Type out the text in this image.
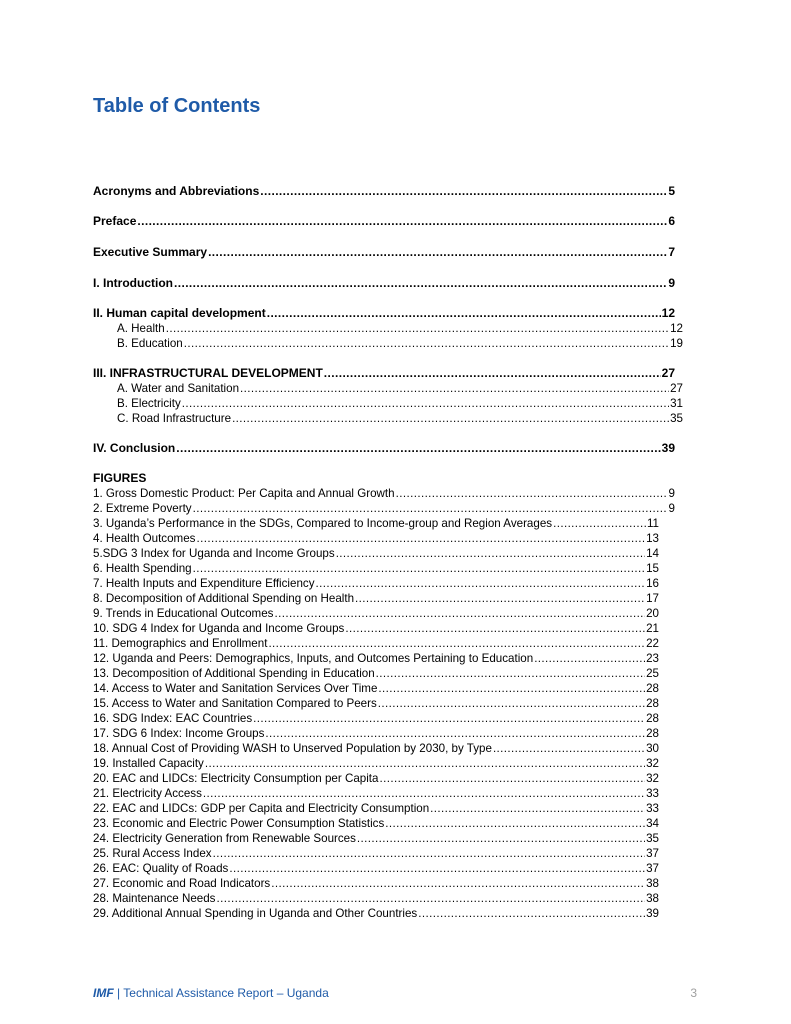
Table of Contents
Acronyms and Abbreviations .....	5
Preface .....	6
Executive Summary .....	7
I. Introduction .....	9
II. Human capital development .....	12
A. Health .....	12
B. Education .....	19
III. INFRASTRUCTURAL DEVELOPMENT .....	27
A. Water and Sanitation .....	27
B. Electricity .....	31
C. Road Infrastructure .....	35
IV. Conclusion .....	39
FIGURES
1. Gross Domestic Product: Per Capita and Annual Growth .....	9
2. Extreme Poverty .....	9
3. Uganda’s Performance in the SDGs, Compared to Income-group and Region Averages .....	11
4. Health Outcomes .....	13
5.SDG 3 Index for Uganda and Income Groups .....	14
6. Health Spending .....	15
7. Health Inputs and Expenditure Efficiency .....	16
8. Decomposition of Additional Spending on Health .....	17
9. Trends in Educational Outcomes .....	20
10. SDG 4 Index for Uganda and Income Groups .....	21
11. Demographics and Enrollment .....	22
12. Uganda and Peers: Demographics, Inputs, and Outcomes Pertaining to Education .....	23
13. Decomposition of Additional Spending in Education .....	25
14. Access to Water and Sanitation Services Over Time .....	28
15. Access to Water and Sanitation Compared to Peers .....	28
16. SDG Index: EAC Countries .....	28
17. SDG 6 Index: Income Groups .....	28
18. Annual Cost of Providing WASH to Unserved Population by 2030, by Type .....	30
19. Installed Capacity .....	32
20. EAC and LIDCs: Electricity Consumption per Capita .....	32
21. Electricity Access .....	33
22. EAC and LIDCs: GDP per Capita and Electricity Consumption .....	33
23. Economic and Electric Power Consumption Statistics .....	34
24. Electricity Generation from Renewable Sources .....	35
25. Rural Access Index .....	37
26. EAC: Quality of Roads .....	37
27. Economic and Road Indicators .....	38
28. Maintenance Needs .....	38
29. Additional Annual Spending in Uganda and Other Countries .....	39
IMF | Technical Assistance Report – Uganda	3
